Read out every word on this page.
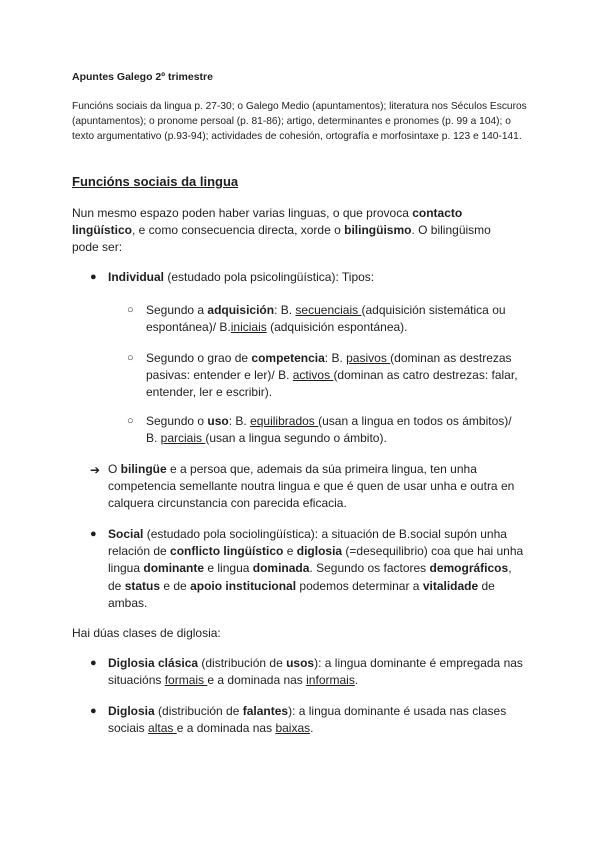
Apuntes Galego 2º trimestre
Funcións sociais da lingua p. 27-30; o Galego Medio (apuntamentos); literatura nos Séculos Escuros (apuntamentos); o pronome persoal (p. 81-86); artigo, determinantes e pronomes (p. 99 a 104); o texto argumentativo (p.93-94); actividades de cohesión, ortografía e morfosintaxe p. 123 e 140-141.
Funcións sociais da lingua
Nun mesmo espazo poden haber varias linguas, o que provoca contacto lingüístico, e como consecuencia directa, xorde o bilingüismo. O bilingüismo pode ser:
● Individual (estudado pola psicolingüística): Tipos:
○ Segundo a adquisición: B. secuenciais (adquisición sistemática ou espontánea)/ B.iniciais (adquisición espontánea).
○ Segundo o grao de competencia: B. pasivos (dominan as destrezas pasivas: entender e ler)/ B. activos (dominan as catro destrezas: falar, entender, ler e escribir).
○ Segundo o uso: B. equilibrados (usan a lingua en todos os ámbitos)/ B. parciais (usan a lingua segundo o ámbito).
➔ O bilingüe e a persoa que, ademais da súa primeira lingua, ten unha competencia semellante noutra lingua e que é quen de usar unha e outra en calquera circunstancia con parecida eficacia.
● Social (estudado pola sociolingüística): a situación de B.social supón unha relación de conflicto lingüístico e diglosia (=desequilibrio) coa que hai unha lingua dominante e lingua dominada. Segundo os factores demográficos, de status e de apoio institucional podemos determinar a vitalidade de ambas.
Hai dúas clases de diglosia:
● Diglosia clásica (distribución de usos): a lingua dominante é empregada nas situacións formais e a dominada nas informais.
● Diglosia (distribución de falantes): a lingua dominante é usada nas clases sociais altas e a dominada nas baixas.
